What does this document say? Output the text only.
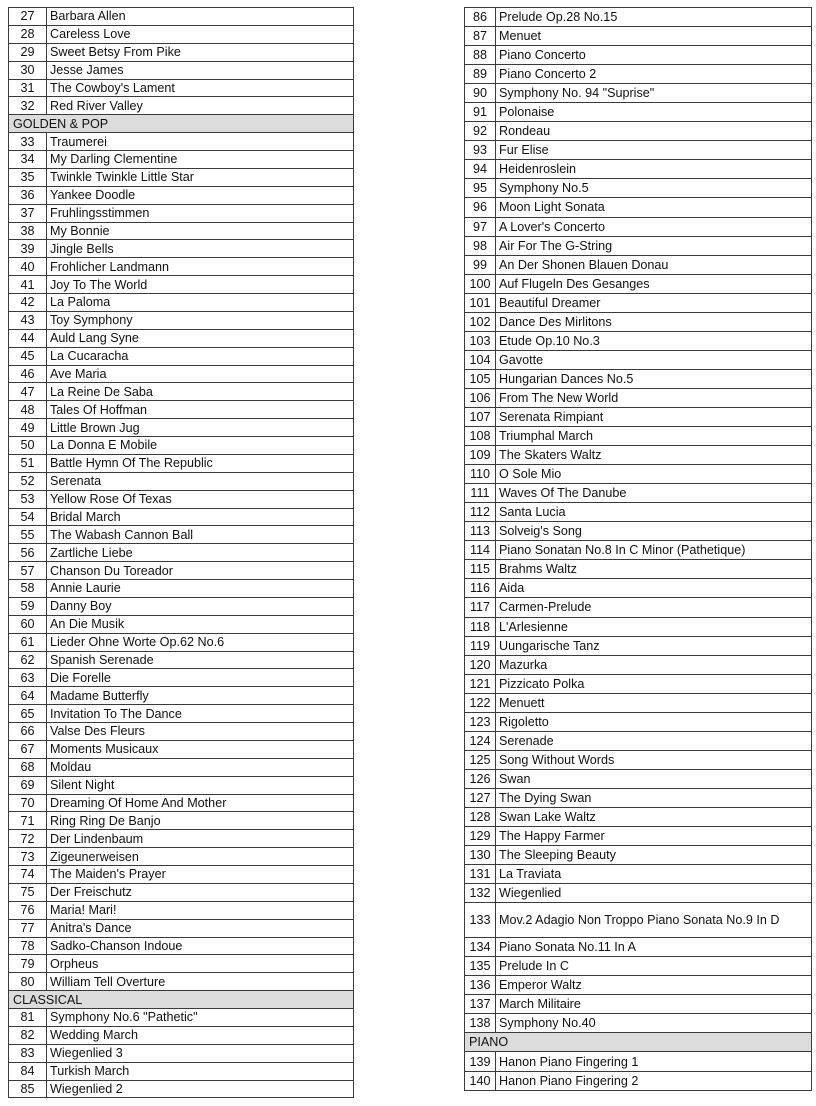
27	Barbara Allen
28	Careless Love
29	Sweet Betsy From Pike
30	Jesse James
31	The Cowboy's Lament
32	Red River Valley
GOLDEN & POP	
33	Traumerei
34	My Darling Clementine
35	Twinkle Twinkle Little Star
36	Yankee Doodle
37	Fruhlingsstimmen
38	My Bonnie
39	Jingle Bells
40	Frohlicher Landmann
41	Joy To The World
42	La Paloma
43	Toy Symphony
44	Auld Lang Syne
45	La Cucaracha
46	Ave Maria
47	La Reine De Saba
48	Tales Of Hoffman
49	Little Brown Jug
50	La Donna E Mobile
51	Battle Hymn Of The Republic
52	Serenata
53	Yellow Rose Of Texas
54	Bridal March
55	The Wabash Cannon Ball
56	Zartliche Liebe
57	Chanson Du Toreador
58	Annie Laurie
59	Danny Boy
60	An Die Musik
61	Lieder Ohne Worte Op.62 No.6
62	Spanish Serenade
63	Die Forelle
64	Madame Butterfly
65	Invitation To The Dance
66	Valse Des Fleurs
67	Moments Musicaux
68	Moldau
69	Silent Night
70	Dreaming Of Home And Mother
71	Ring Ring De Banjo
72	Der Lindenbaum
73	Zigeunerweisen
74	The Maiden's Prayer
75	Der Freischutz
76	Maria! Mari!
77	Anitra's Dance
78	Sadko-Chanson Indoue
79	Orpheus
80	William Tell Overture
CLASSICAL	
81	Symphony No.6 "Pathetic"
82	Wedding March
83	Wiegenlied 3
84	Turkish March
85	Wiegenlied 2
86	Prelude Op.28 No.15
87	Menuet
88	Piano Concerto
89	Piano Concerto 2
90	Symphony No. 94 "Suprise"
91	Polonaise
92	Rondeau
93	Fur Elise
94	Heidenroslein
95	Symphony No.5
96	Moon Light Sonata
97	A Lover's Concerto
98	Air For The G-String
99	An Der Shonen Blauen Donau
100	Auf Flugeln Des Gesanges
101	Beautiful Dreamer
102	Dance Des Mirlitons
103	Etude Op.10 No.3
104	Gavotte
105	Hungarian Dances No.5
106	From The New World
107	Serenata Rimpiant
108	Triumphal March
109	The Skaters Waltz
110	O Sole Mio
111	Waves Of The Danube
112	Santa Lucia
113	Solveig's Song
114	Piano Sonatan No.8 In C Minor (Pathetique)
115	Brahms Waltz
116	Aida
117	Carmen-Prelude
118	L'Arlesienne
119	Uungarische Tanz
120	Mazurka
121	Pizzicato Polka
122	Menuett
123	Rigoletto
124	Serenade
125	Song Without Words
126	Swan
127	The Dying Swan
128	Swan Lake Waltz
129	The Happy Farmer
130	The Sleeping Beauty
131	La Traviata
132	Wiegenlied
133	Mov.2 Adagio Non Troppo Piano Sonata No.9 In D
134	Piano Sonata No.11 In A
135	Prelude In C
136	Emperor Waltz
137	March Militaire
138	Symphony No.40
PIANO	
139	Hanon Piano Fingering 1
140	Hanon Piano Fingering 2
